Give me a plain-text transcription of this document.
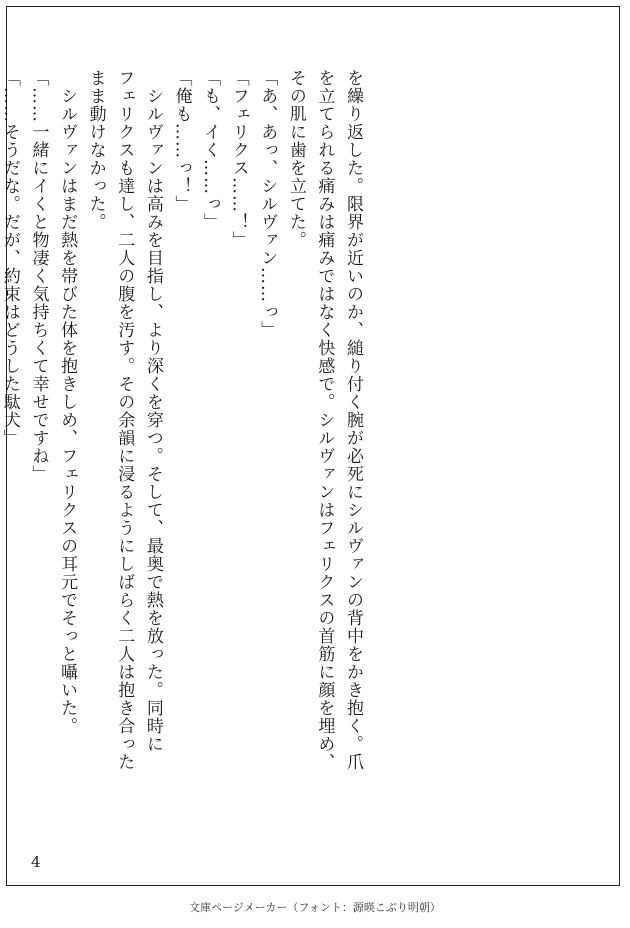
を繰り返した。限界が近いのか、縋り付く腕が必死にシルヴァンの背中をかき抱く。爪
を立てられる痛みは痛みではなく快感で。シルヴァンはフェリクスの首筋に顔を埋め、
その肌に歯を立てた。
「あ、あっ、シルヴァン……っ」
「フェリクス……！」
「も、イく……っ」
「俺も……っ！」
　シルヴァンは高みを目指し、より深くを穿つ。そして、最奥で熱を放った。同時に
フェリクスも達し、二人の腹を汚す。その余韻に浸るようにしばらく二人は抱き合った
まま動けなかった。
　シルヴァンはまだ熱を帯びた体を抱きしめ、フェリクスの耳元でそっと囁いた。
「……一緒にイくと物凄く気持ちくて幸せですね」
「……そうだな。だが、約束はどうした駄犬」
4
文庫ページメーカー（フォント：源暎こぶり明朝）
